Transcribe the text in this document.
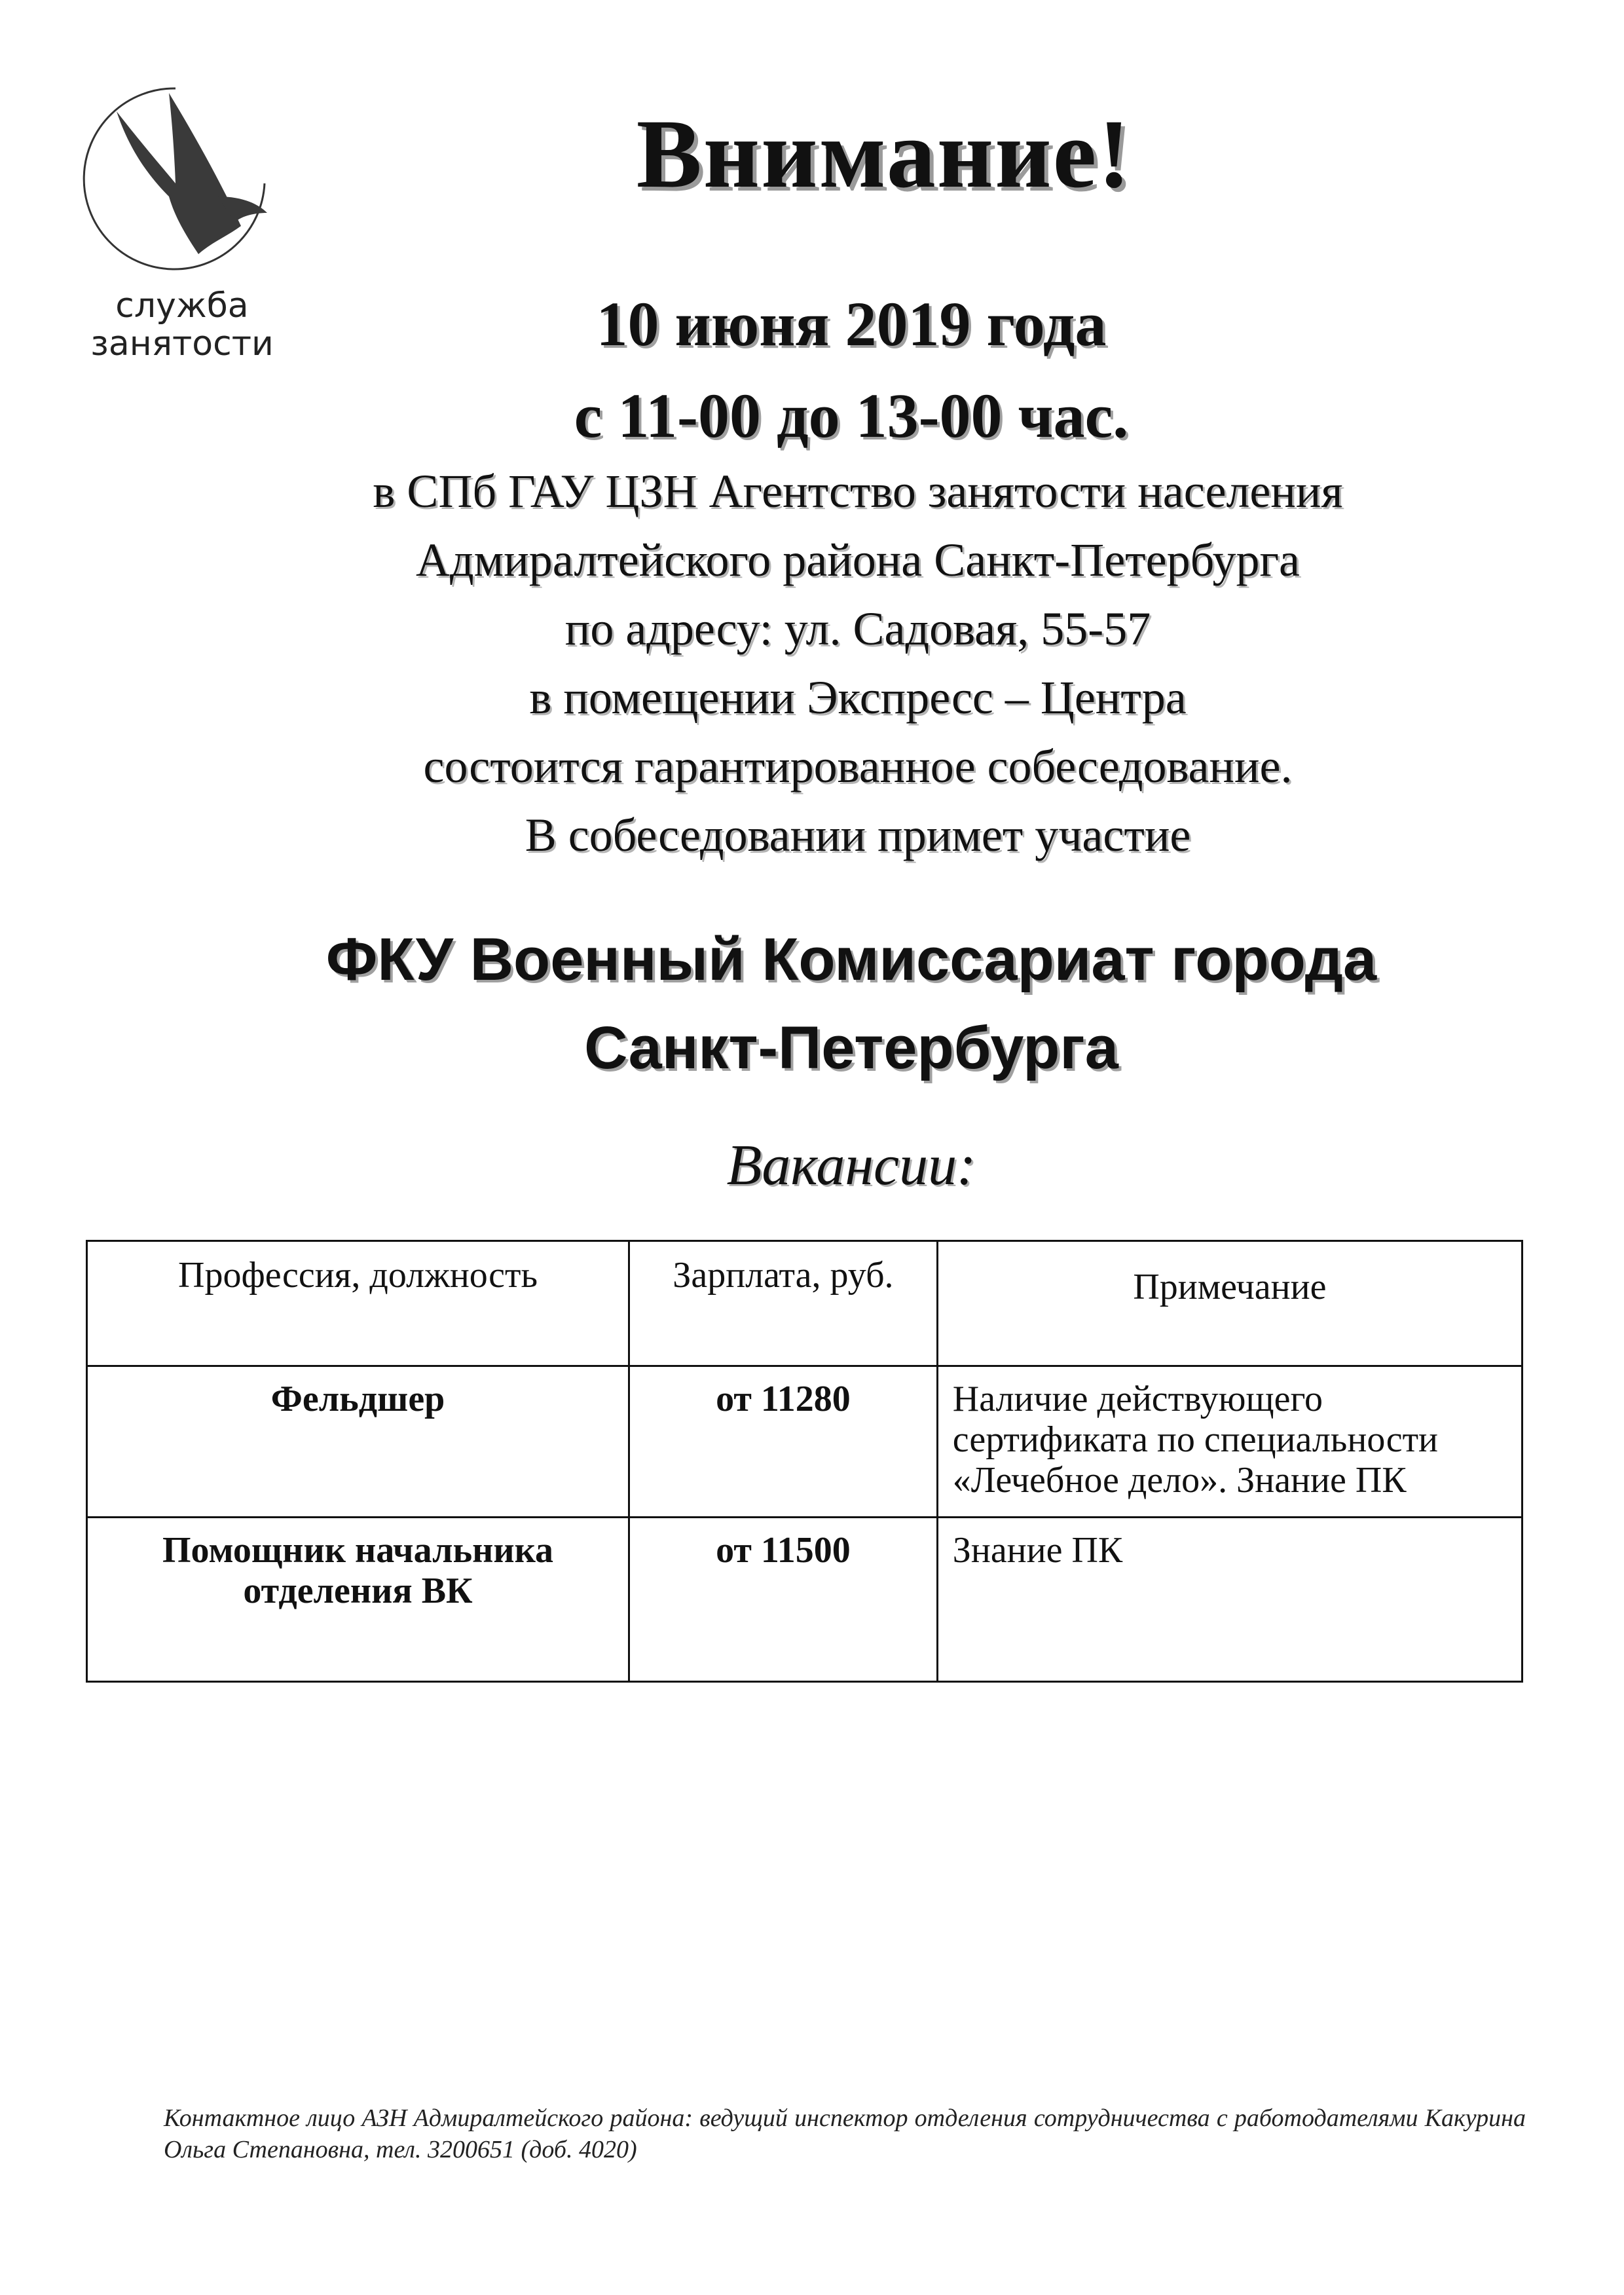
служба
занятости
Внимание!
10 июня 2019 года
с 11-00 до 13-00 час.
в СПб ГАУ ЦЗН Агентство занятости населения
Адмиралтейского района Санкт-Петербурга
по адресу: ул. Садовая, 55-57
в помещении Экспресс – Центра
состоится гарантированное собеседование.
В собеседовании примет участие
ФКУ Военный Комиссариат города
Санкт-Петербурга
Вакансии:
Профессия, должность	Зарплата, руб.	Примечание

Фельдшер	от 11280	Наличие действующего
сертификата по специальности
«Лечебное дело». Знание ПК

Помощник начальника
отделения ВК	от 11500	Знание ПК
Контактное лицо АЗН Адмиралтейского района: ведущий инспектор отделения сотрудничества с работодателями Какурина Ольга Степановна, тел. 3200651 (доб. 4020)
